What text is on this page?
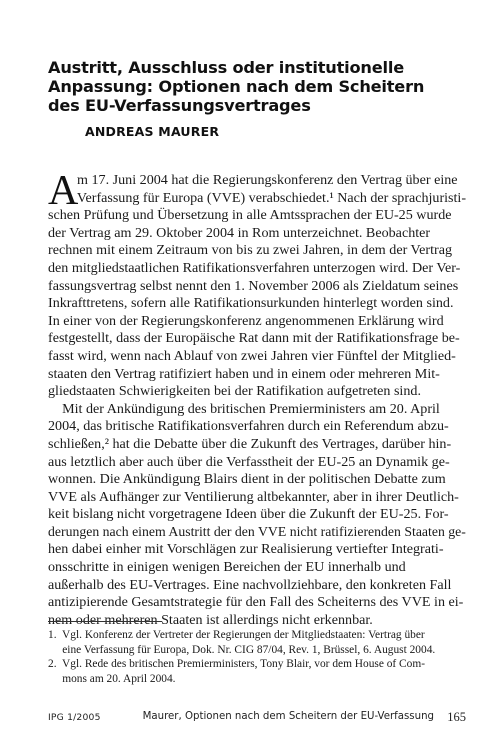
Austritt, Ausschluss oder institutionelle
Anpassung: Optionen nach dem Scheitern
des EU-Verfassungsvertrages
ANDREAS MAURER
A
m 17. Juni 2004 hat die Regierungskonferenz den Vertrag über eine
Verfassung für Europa (VVE) verabschiedet.¹ Nach der sprachjuristi-
schen Prüfung und Übersetzung in alle Amtssprachen der EU-25 wurde
der Vertrag am 29. Oktober 2004 in Rom unterzeichnet. Beobachter
rechnen mit einem Zeitraum von bis zu zwei Jahren, in dem der Vertrag
den mitgliedstaatlichen Ratifikationsverfahren unterzogen wird. Der Ver-
fassungsvertrag selbst nennt den 1. November 2006 als Zieldatum seines
Inkrafttretens, sofern alle Ratifikationsurkunden hinterlegt worden sind.
In einer von der Regierungskonferenz angenommenen Erklärung wird
festgestellt, dass der Europäische Rat dann mit der Ratifikationsfrage be-
fasst wird, wenn nach Ablauf von zwei Jahren vier Fünftel der Mitglied-
staaten den Vertrag ratifiziert haben und in einem oder mehreren Mit-
gliedstaaten Schwierigkeiten bei der Ratifikation aufgetreten sind.
Mit der Ankündigung des britischen Premierministers am 20. April
2004, das britische Ratifikationsverfahren durch ein Referendum abzu-
schließen,² hat die Debatte über die Zukunft des Vertrages, darüber hin-
aus letztlich aber auch über die Verfasstheit der EU-25 an Dynamik ge-
wonnen. Die Ankündigung Blairs dient in der politischen Debatte zum
VVE als Aufhänger zur Ventilierung altbekannter, aber in ihrer Deutlich-
keit bislang nicht vorgetragene Ideen über die Zukunft der EU-25. For-
derungen nach einem Austritt der den VVE nicht ratifizierenden Staaten ge-
hen dabei einher mit Vorschlägen zur Realisierung vertiefter Integrati-
onsschritte in einigen wenigen Bereichen der EU innerhalb und
außerhalb des EU-Vertrages. Eine nachvollziehbare, den konkreten Fall
antizipierende Gesamtstrategie für den Fall des Scheiterns des VVE in ei-
nem oder mehreren Staaten ist allerdings nicht erkennbar.
1.  Vgl. Konferenz der Vertreter der Regierungen der Mitgliedstaaten: Vertrag über
eine Verfassung für Europa, Dok. Nr. CIG 87/04, Rev. 1, Brüssel, 6. August 2004.
2.  Vgl. Rede des britischen Premierministers, Tony Blair, vor dem House of Com-
mons am 20. April 2004.
IPG 1/2005	Maurer, Optionen nach dem Scheitern der EU-Verfassung 165
